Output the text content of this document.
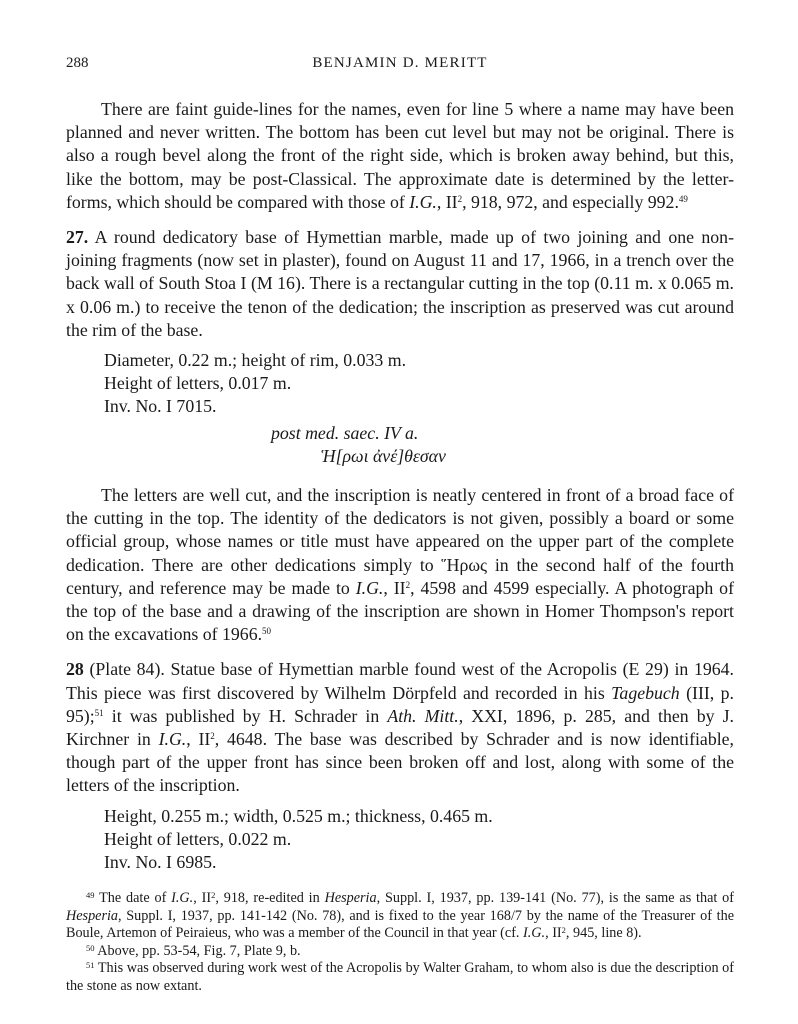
288	BENJAMIN D. MERITT

There are faint guide-lines for the names, even for line 5 where a name may have been planned and never written. The bottom has been cut level but may not be original. There is also a rough bevel along the front of the right side, which is broken away behind, but this, like the bottom, may be post-Classical. The approximate date is determined by the letter-forms, which should be compared with those of I.G., $II^2$, 918, 972, and especially 992.49

27. A round dedicatory base of Hymettian marble, made up of two joining and one non-joining fragments (now set in plaster), found on August 11 and 17, 1966, in a trench over the back wall of South Stoa I (M 16). There is a rectangular cutting in the top (0.11 m. x 0.065 m. x 0.06 m.) to receive the tenon of the dedication; the inscription as preserved was cut around the rim of the base.

Diameter, 0.22 m.; height of rim, 0.033 m.
Height of letters, 0.017 m.
Inv. No. I 7015.
post med. saec. IV a.
Ἡ[ρωι ἀνέ]θεσαν

The letters are well cut, and the inscription is neatly centered in front of a broad face of the cutting in the top. The identity of the dedicators is not given, possibly a board or some official group, whose names or title must have appeared on the upper part of the complete dedication. There are other dedications simply to Ἥρως in the second half of the fourth century, and reference may be made to I.G., $II^2$, 4598 and 4599 especially. A photograph of the top of the base and a drawing of the inscription are shown in Homer Thompson's report on the excavations of 1966.50

28 (Plate 84). Statue base of Hymettian marble found west of the Acropolis (E 29) in 1964. This piece was first discovered by Wilhelm Dörpfeld and recorded in his Tagebuch (III, p. 95);$^{51}$ it was published by H. Schrader in Ath. Mitt., XXI, 1896, p. 285, and then by J. Kirchner in I.G., $II^2$, 4648. The base was described by Schrader and is now identifiable, though part of the upper front has since been broken off and lost, along with some of the letters of the inscription.

Height, 0.255 m.; width, 0.525 m.; thickness, 0.465 m.
Height of letters, 0.022 m.
Inv. No. I 6985.

$^{49}$ The date of I.G., II$^2$, 918, re-edited in Hesperia, Suppl. I, 1937, pp. 139-141 (No. 77), is the same as that of Hesperia, Suppl. I, 1937, pp. 141-142 (No. 78), and is fixed to the year 168/7 by the name of the Treasurer of the Boule, Artemon of Peiraieus, who was a member of the Council in that year (cf. I.G., II$^2$, 945, line 8).

$^{50}$ Above, pp. 53-54, Fig. 7, Plate 9, b.

$^{51}$ This was observed during work west of the Acropolis by Walter Graham, to whom also is due the description of the stone as now extant.
